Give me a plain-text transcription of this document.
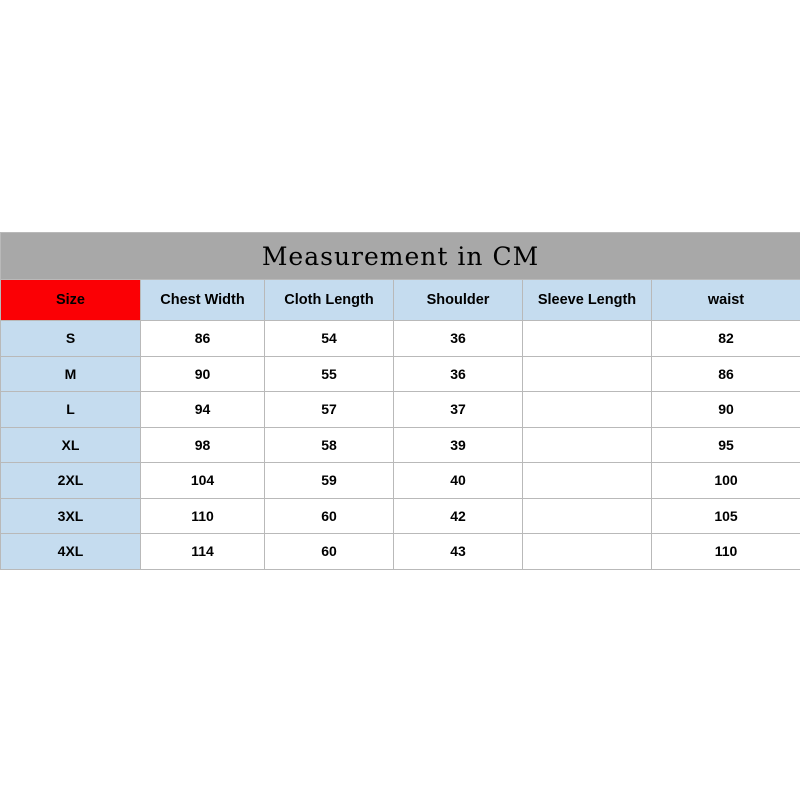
Measurement in CM					
Size	Chest Width	Cloth Length	Shoulder	Sleeve Length	waist
S	86	54	36		82
M	90	55	36		86
L	94	57	37		90
XL	98	58	39		95
2XL	104	59	40		100
3XL	110	60	42		105
4XL	114	60	43		110
